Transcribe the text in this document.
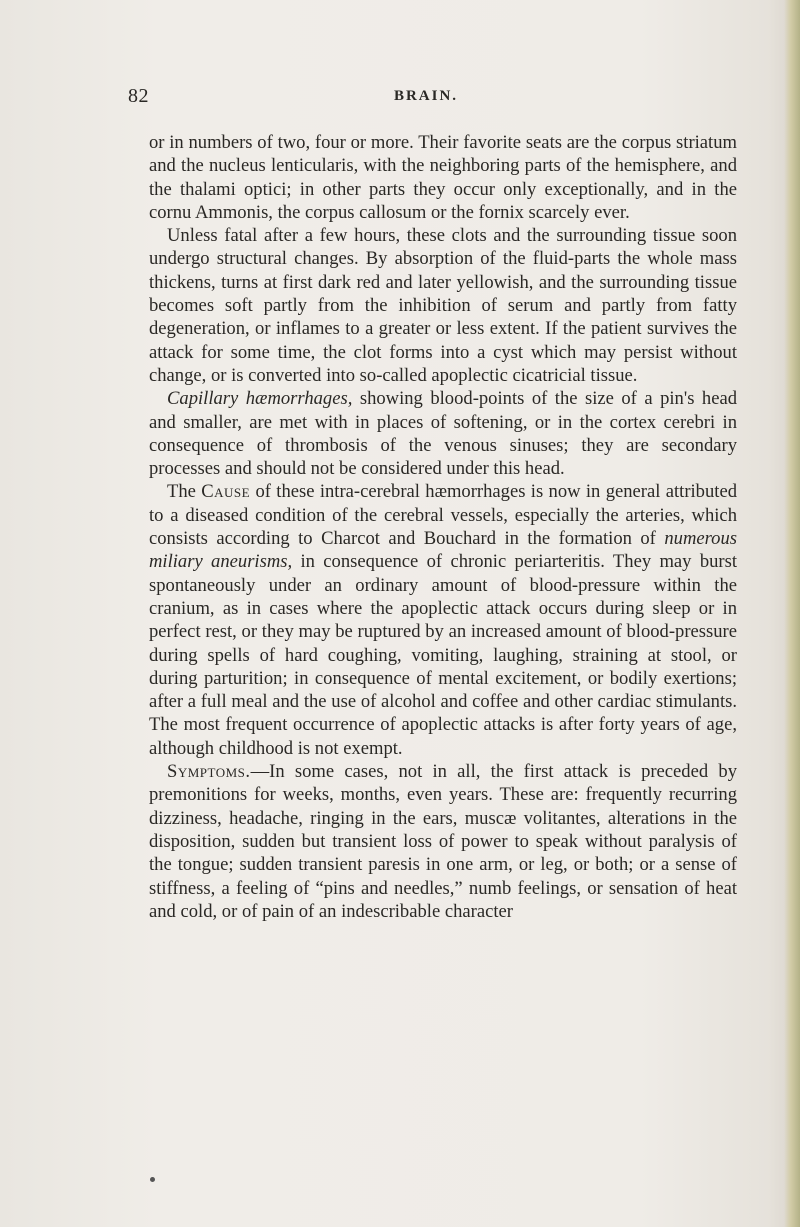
82	BRAIN.

or in numbers of two, four or more. Their favorite seats are the corpus striatum and the nucleus lenticularis, with the neighboring parts of the hemisphere, and the thalami optici; in other parts they occur only exceptionally, and in the cornu Ammonis, the corpus callosum or the fornix scarcely ever.

Unless fatal after a few hours, these clots and the surrounding tissue soon undergo structural changes. By absorption of the fluid-parts the whole mass thickens, turns at first dark red and later yellowish, and the surrounding tissue becomes soft partly from the inhibition of serum and partly from fatty degeneration, or inflames to a greater or less extent. If the patient survives the attack for some time, the clot forms into a cyst which may persist without change, or is converted into so-called apoplectic cicatricial tissue.

Capillary hæmorrhages, showing blood-points of the size of a pin's head and smaller, are met with in places of softening, or in the cortex cerebri in consequence of thrombosis of the venous sinuses; they are secondary processes and should not be considered under this head.

The Cause of these intra-cerebral hæmorrhages is now in general attributed to a diseased condition of the cerebral vessels, especially the arteries, which consists according to Charcot and Bouchard in the formation of numerous miliary aneurisms, in consequence of chronic periarteritis. They may burst spontaneously under an ordinary amount of blood-pressure within the cranium, as in cases where the apoplectic attack occurs during sleep or in perfect rest, or they may be ruptured by an increased amount of blood-pressure during spells of hard coughing, vomiting, laughing, straining at stool, or during parturition; in consequence of mental excitement, or bodily exertions; after a full meal and the use of alcohol and coffee and other cardiac stimulants. The most frequent occurrence of apoplectic attacks is after forty years of age, although childhood is not exempt.

Symptoms.—In some cases, not in all, the first attack is preceded by premonitions for weeks, months, even years. These are: frequently recurring dizziness, headache, ringing in the ears, muscæ volitantes, alterations in the disposition, sudden but transient loss of power to speak without paralysis of the tongue; sudden transient paresis in one arm, or leg, or both; or a sense of stiffness, a feeling of “pins and needles,” numb feelings, or sensation of heat and cold, or of pain of an indescribable character
